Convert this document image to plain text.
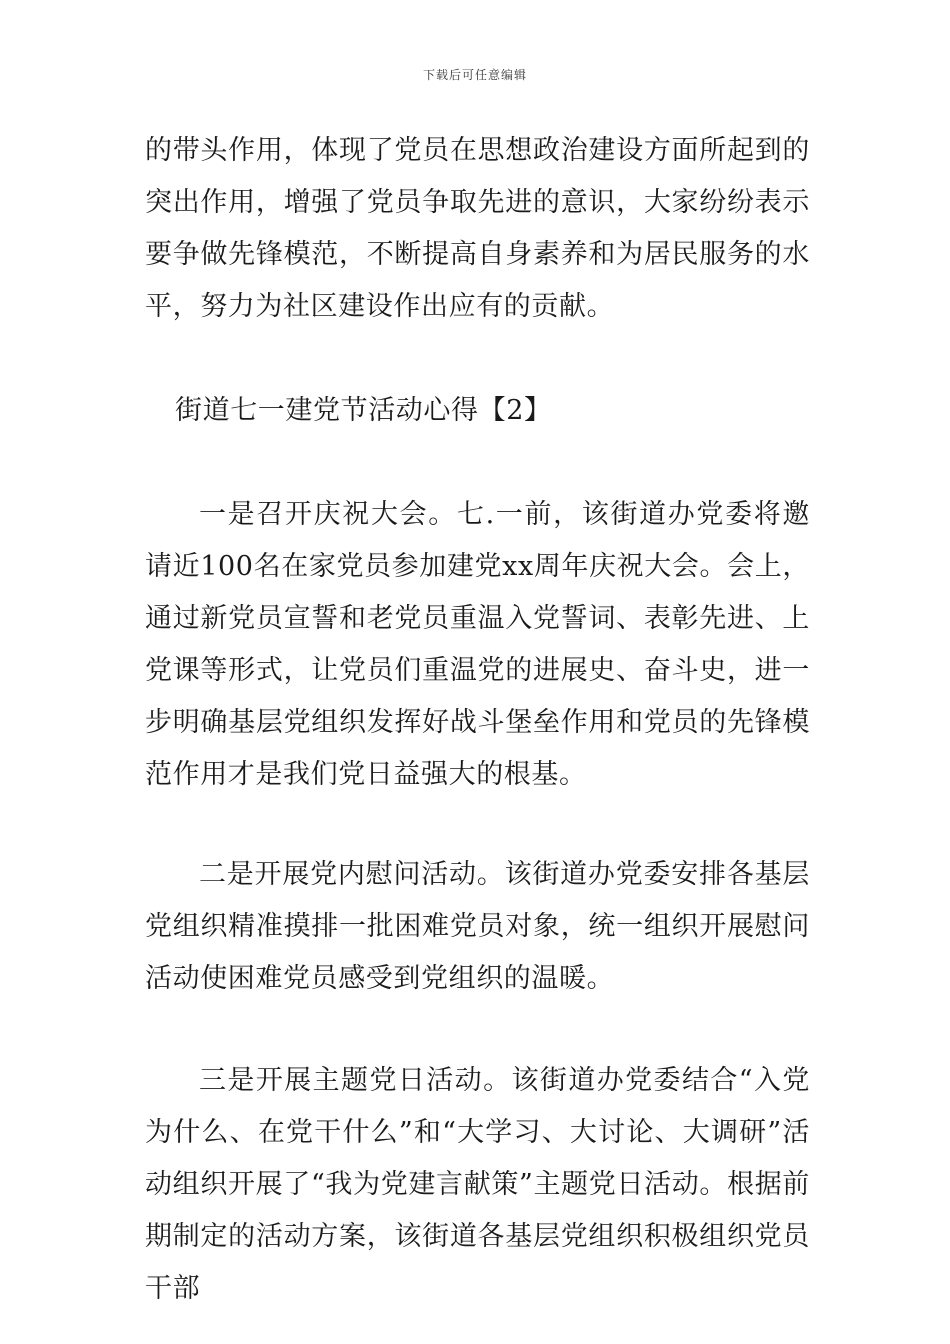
下载后可任意编辑

的带头作用，体现了党员在思想政治建设方面所起到的突出作用，增强了党员争取先进的意识，大家纷纷表示要争做先锋模范，不断提高自身素养和为居民服务的水平，努力为社区建设作出应有的贡献。

街道七一建党节活动心得【2】

一是召开庆祝大会。七.一前，该街道办党委将邀请近100名在家党员参加建党xx周年庆祝大会。会上，通过新党员宣誓和老党员重温入党誓词、表彰先进、上党课等形式，让党员们重温党的进展史、奋斗史，进一步明确基层党组织发挥好战斗堡垒作用和党员的先锋模范作用才是我们党日益强大的根基。

二是开展党内慰问活动。该街道办党委安排各基层党组织精准摸排一批困难党员对象，统一组织开展慰问活动使困难党员感受到党组织的温暖。

三是开展主题党日活动。该街道办党委结合“入党为什么、在党干什么”和“大学习、大讨论、大调研”活动组织开展了“我为党建言献策”主题党日活动。根据前期制定的活动方案，该街道各基层党组织积极组织党员干部
